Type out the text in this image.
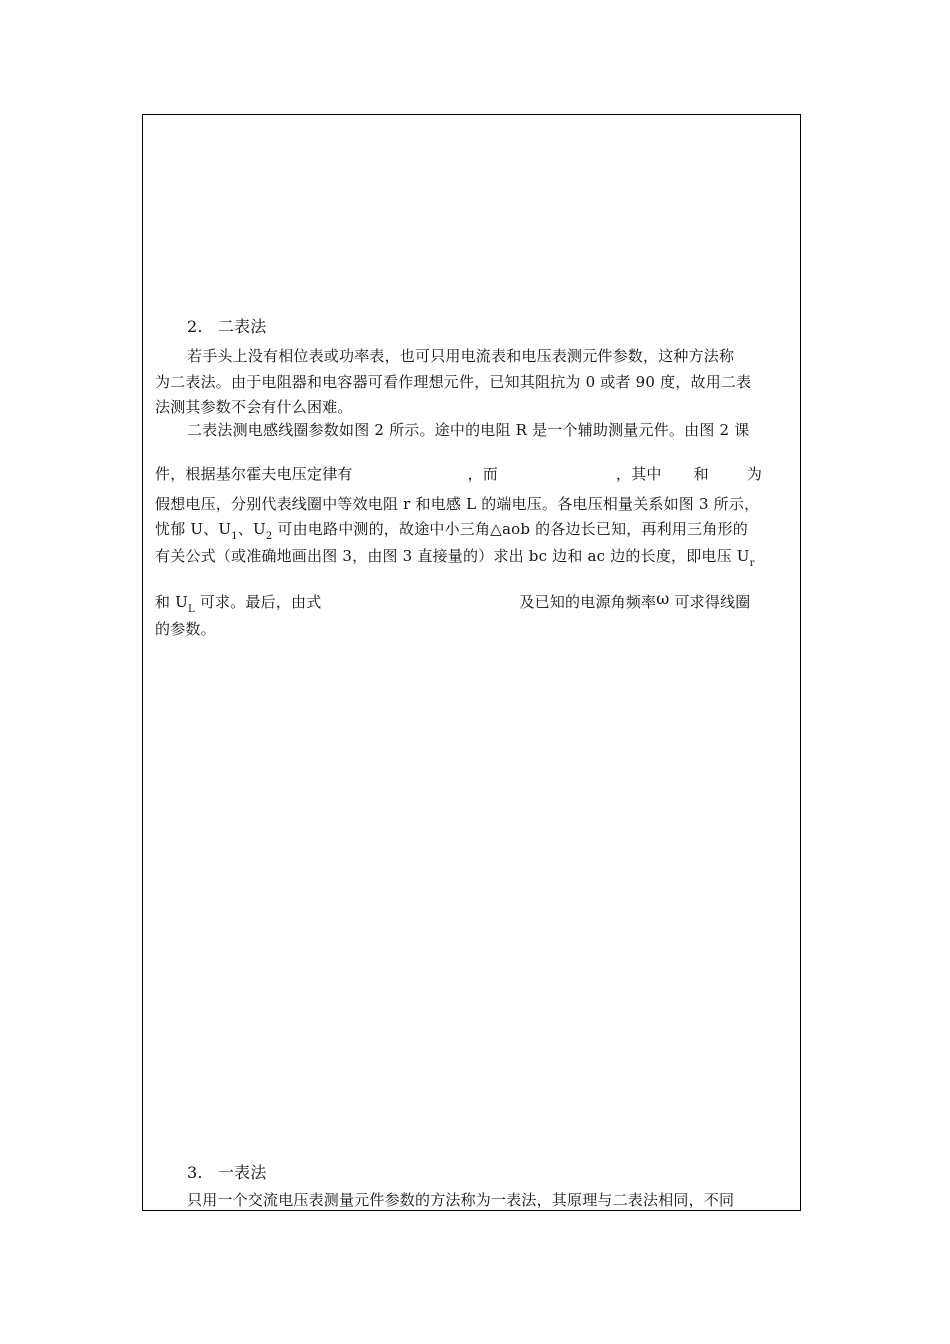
2. 二表法
若手头上没有相位表或功率表，也可只用电流表和电压表测元件参数，这种方法称
为二表法。由于电阻器和电容器可看作理想元件，已知其阻抗为 0 或者 90 度，故用二表
法测其参数不会有什么困难。
二表法测电感线圈参数如图 2 所示。途中的电阻 R 是一个辅助测量元件。由图 2 课
件，根据基尔霍夫电压定律有	，而	，其中 和	为
假想电压，分别代表线圈中等效电阻 r 和电感 L 的端电压。各电压相量关系如图 3 所示，
忧郁 U、$U_1$、$U_2$ 可由电路中测的，故途中小三角△aob 的各边长已知，再利用三角形的
有关公式（或准确地画出图 3，由图 3 直接量的）求出 bc 边和 ac 边的长度，即电压 $U_r$
和 $U_L$ 可求。最后，由式	及已知的电源角频率ω 可求得线圈
的参数。
3. 一表法
只用一个交流电压表测量元件参数的方法称为一表法，其原理与二表法相同，不同
